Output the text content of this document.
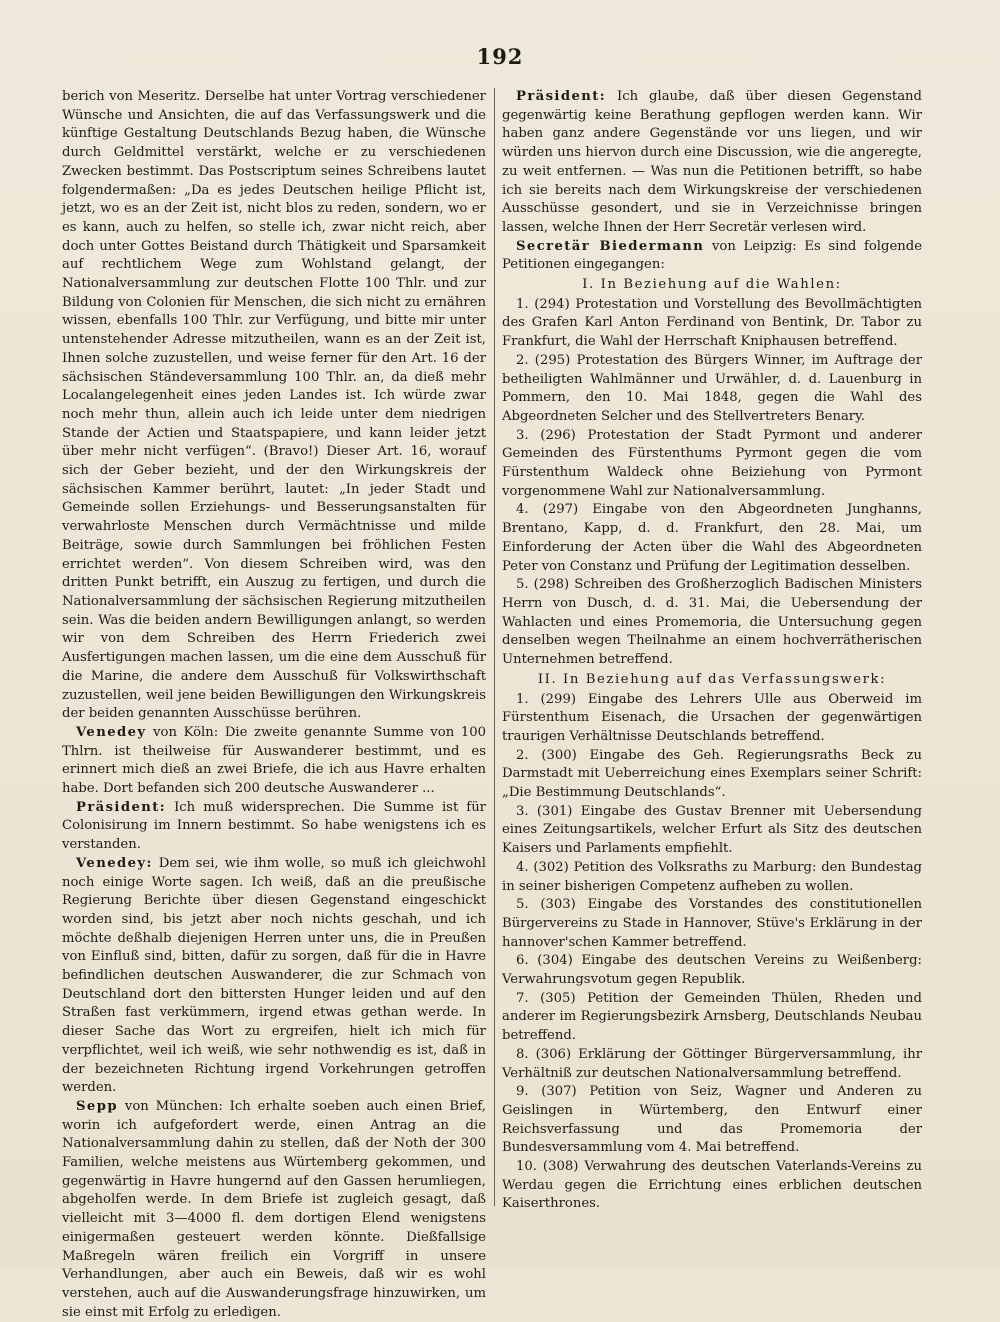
192

berich von Meseritz. Derselbe hat unter Vortrag verschiedener Wünsche und Ansichten, die auf das Verfassungswerk und die künftige Gestaltung Deutschlands Bezug haben, die Wünsche durch Geldmittel verstärkt, welche er zu verschiedenen Zwecken bestimmt. Das Postscriptum seines Schreibens lautet folgendermaßen: „Da es jedes Deutschen heilige Pflicht ist, jetzt, wo es an der Zeit ist, nicht blos zu reden, sondern, wo er es kann, auch zu helfen, so stelle ich, zwar nicht reich, aber doch unter Gottes Beistand durch Thätigkeit und Sparsamkeit auf rechtlichem Wege zum Wohlstand gelangt, der Nationalversammlung zur deutschen Flotte 100 Thlr. und zur Bildung von Colonien für Menschen, die sich nicht zu ernähren wissen, ebenfalls 100 Thlr. zur Verfügung, und bitte mir unter untenstehender Adresse mitzutheilen, wann es an der Zeit ist, Ihnen solche zuzustellen, und weise ferner für den Art. 16 der sächsischen Ständeversammlung 100 Thlr. an, da dieß mehr Localangelegenheit eines jeden Landes ist. Ich würde zwar noch mehr thun, allein auch ich leide unter dem niedrigen Stande der Actien und Staatspapiere, und kann leider jetzt über mehr nicht verfügen“. (Bravo!) Dieser Art. 16, worauf sich der Geber bezieht, und der den Wirkungskreis der sächsischen Kammer berührt, lautet: „In jeder Stadt und Gemeinde sollen Erziehungs- und Besserungsanstalten für verwahrloste Menschen durch Vermächtnisse und milde Beiträge, sowie durch Sammlungen bei fröhlichen Festen errichtet werden“. Von diesem Schreiben wird, was den dritten Punkt betrifft, ein Auszug zu fertigen, und durch die Nationalversammlung der sächsischen Regierung mitzutheilen sein. Was die beiden andern Bewilligungen anlangt, so werden wir von dem Schreiben des Herrn Friederich zwei Ausfertigungen machen lassen, um die eine dem Ausschuß für die Marine, die andere dem Ausschuß für Volkswirthschaft zuzustellen, weil jene beiden Bewilligungen den Wirkungskreis der beiden genannten Ausschüsse berühren.

Venedey von Köln: Die zweite genannte Summe von 100 Thlrn. ist theilweise für Auswanderer bestimmt, und es erinnert mich dieß an zwei Briefe, die ich aus Havre erhalten habe. Dort befanden sich 200 deutsche Auswanderer ...

Präsident: Ich muß widersprechen. Die Summe ist für Colonisirung im Innern bestimmt. So habe wenigstens ich es verstanden.

Venedey: Dem sei, wie ihm wolle, so muß ich gleichwohl noch einige Worte sagen. Ich weiß, daß an die preußische Regierung Berichte über diesen Gegenstand eingeschickt worden sind, bis jetzt aber noch nichts geschah, und ich möchte deßhalb diejenigen Herren unter uns, die in Preußen von Einfluß sind, bitten, dafür zu sorgen, daß für die in Havre befindlichen deutschen Auswanderer, die zur Schmach von Deutschland dort den bittersten Hunger leiden und auf den Straßen fast verkümmern, irgend etwas gethan werde. In dieser Sache das Wort zu ergreifen, hielt ich mich für verpflichtet, weil ich weiß, wie sehr nothwendig es ist, daß in der bezeichneten Richtung irgend Vorkehrungen getroffen werden.

Sepp von München: Ich erhalte soeben auch einen Brief, worin ich aufgefordert werde, einen Antrag an die Nationalversammlung dahin zu stellen, daß der Noth der 300 Familien, welche meistens aus Würtemberg gekommen, und gegenwärtig in Havre hungernd auf den Gassen herumliegen, abgeholfen werde. In dem Briefe ist zugleich gesagt, daß vielleicht mit 3—4000 fl. dem dortigen Elend wenigstens einigermaßen gesteuert werden könnte. Dießfallsige Maßregeln wären freilich ein Vorgriff in unsere Verhandlungen, aber auch ein Beweis, daß wir es wohl verstehen, auch auf die Auswanderungsfrage hinzuwirken, um sie einst mit Erfolg zu erledigen.

Präsident: Ich glaube, daß über diesen Gegenstand gegenwärtig keine Berathung gepflogen werden kann. Wir haben ganz andere Gegenstände vor uns liegen, und wir würden uns hiervon durch eine Discussion, wie die angeregte, zu weit entfernen. — Was nun die Petitionen betrifft, so habe ich sie bereits nach dem Wirkungskreise der verschiedenen Ausschüsse gesondert, und sie in Verzeichnisse bringen lassen, welche Ihnen der Herr Secretär verlesen wird.

Secretär Biedermann von Leipzig: Es sind folgende Petitionen eingegangen:

I. In Beziehung auf die Wahlen:

1. (294) Protestation und Vorstellung des Bevollmächtigten des Grafen Karl Anton Ferdinand von Bentink, Dr. Tabor zu Frankfurt, die Wahl der Herrschaft Kniphausen betreffend.

2. (295) Protestation des Bürgers Winner, im Auftrage der betheiligten Wahlmänner und Urwähler, d. d. Lauenburg in Pommern, den 10. Mai 1848, gegen die Wahl des Abgeordneten Selcher und des Stellvertreters Benary.

3. (296) Protestation der Stadt Pyrmont und anderer Gemeinden des Fürstenthums Pyrmont gegen die vom Fürstenthum Waldeck ohne Beiziehung von Pyrmont vorgenommene Wahl zur Nationalversammlung.

4. (297) Eingabe von den Abgeordneten Junghanns, Brentano, Kapp, d. d. Frankfurt, den 28. Mai, um Einforderung der Acten über die Wahl des Abgeordneten Peter von Constanz und Prüfung der Legitimation desselben.

5. (298) Schreiben des Großherzoglich Badischen Ministers Herrn von Dusch, d. d. 31. Mai, die Uebersendung der Wahlacten und eines Promemoria, die Untersuchung gegen denselben wegen Theilnahme an einem hochverrätherischen Unternehmen betreffend.

II. In Beziehung auf das Verfassungswerk:

1. (299) Eingabe des Lehrers Ulle aus Oberweid im Fürstenthum Eisenach, die Ursachen der gegenwärtigen traurigen Verhältnisse Deutschlands betreffend.

2. (300) Eingabe des Geh. Regierungsraths Beck zu Darmstadt mit Ueberreichung eines Exemplars seiner Schrift: „Die Bestimmung Deutschlands“.

3. (301) Eingabe des Gustav Brenner mit Uebersendung eines Zeitungsartikels, welcher Erfurt als Sitz des deutschen Kaisers und Parlaments empfiehlt.

4. (302) Petition des Volksraths zu Marburg: den Bundestag in seiner bisherigen Competenz aufheben zu wollen.

5. (303) Eingabe des Vorstandes des constitutionellen Bürgervereins zu Stade in Hannover, Stüve's Erklärung in der hannover'schen Kammer betreffend.

6. (304) Eingabe des deutschen Vereins zu Weißenberg: Verwahrungsvotum gegen Republik.

7. (305) Petition der Gemeinden Thülen, Rheden und anderer im Regierungsbezirk Arnsberg, Deutschlands Neubau betreffend.

8. (306) Erklärung der Göttinger Bürgerversammlung, ihr Verhältniß zur deutschen Nationalversammlung betreffend.

9. (307) Petition von Seiz, Wagner und Anderen zu Geislingen in Würtemberg, den Entwurf einer Reichsverfassung und das Promemoria der Bundesversammlung vom 4. Mai betreffend.

10. (308) Verwahrung des deutschen Vaterlands-Vereins zu Werdau gegen die Errichtung eines erblichen deutschen Kaiserthrones.
